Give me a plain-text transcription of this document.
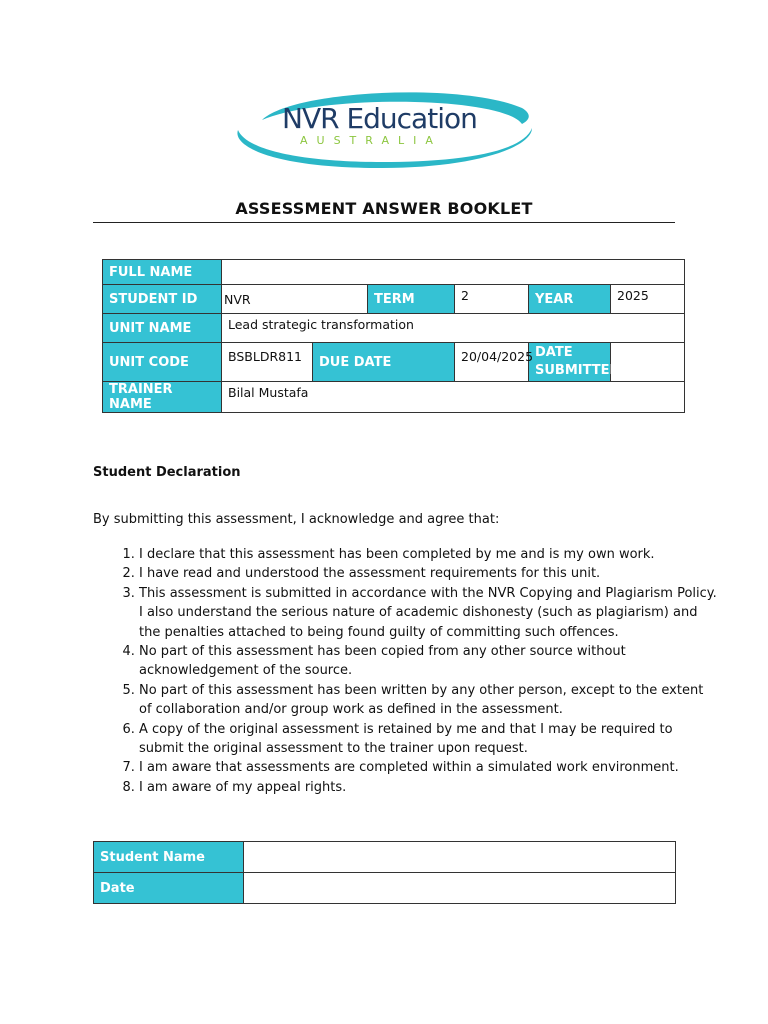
NVR Education
AUSTRALIA
ASSESSMENT ANSWER BOOKLET
FULL NAME						
STUDENT ID	NVR		TERM	2	YEAR	2025
UNIT NAME	Lead strategic transformation					
UNIT CODE	BSBLDR811	DUE DATE		20/04/2025	DATE SUBMITTED	
TRAINER NAME	Bilal Mustafa					
Student Declaration
By submitting this assessment, I acknowledge and agree that:
1. I declare that this assessment has been completed by me and is my own work.
2. I have read and understood the assessment requirements for this unit.
3. This assessment is submitted in accordance with the NVR Copying and Plagiarism Policy. I also understand the serious nature of academic dishonesty (such as plagiarism) and the penalties attached to being found guilty of committing such offences.
4. No part of this assessment has been copied from any other source without acknowledgement of the source.
5. No part of this assessment has been written by any other person, except to the extent of collaboration and/or group work as defined in the assessment.
6. A copy of the original assessment is retained by me and that I may be required to submit the original assessment to the trainer upon request.
7. I am aware that assessments are completed within a simulated work environment.
8. I am aware of my appeal rights.
Student Name	
Date	
